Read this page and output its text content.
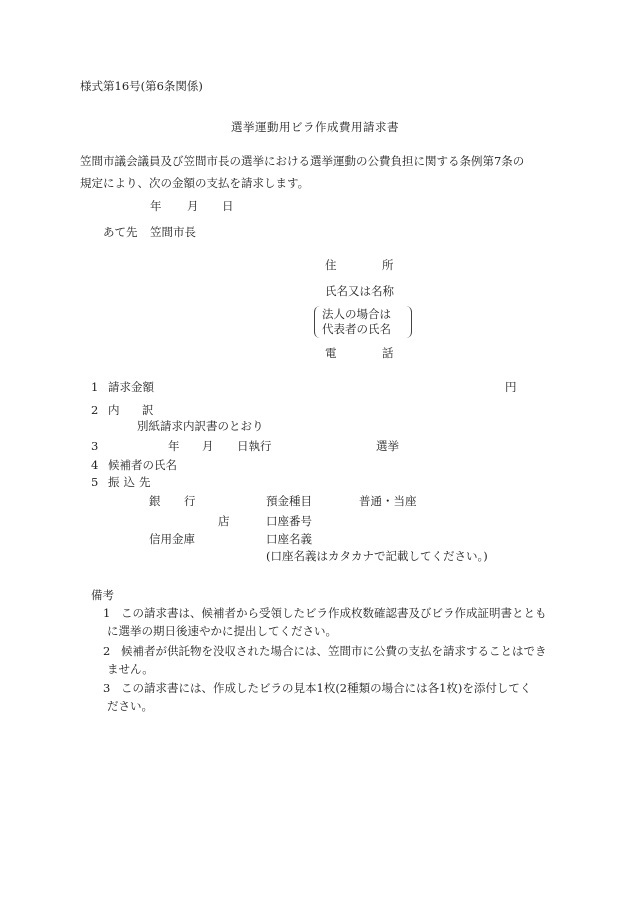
様式第16号(第6条関係)
選挙運動用ビラ作成費用請求書
笠間市議会議員及び笠間市長の選挙における選挙運動の公費負担に関する条例第7条の
規定により、次の金額の支払を請求します。
年 月 日
あて先 笠間市長
住	所
氏名又は名称
法人の場合は
代表者の氏名
電	話
1 請求金額	円
2 内 訳
別紙請求内訳書のとおり
3	年 月 日執行	選挙
4 候補者の氏名
5 振込先
銀 行
店
信用金庫
預金種目	普通・当座
口座番号
口座名義
(口座名義はカタカナで記載してください。)
備考
1 この請求書は、候補者から受領したビラ作成枚数確認書及びビラ作成証明書ととも
に選挙の期日後速やかに提出してください。
2 候補者が供託物を没収された場合には、笠間市に公費の支払を請求することはでき
ません。
3 この請求書には、作成したビラの見本1枚(2種類の場合には各1枚)を添付してく
ださい。
